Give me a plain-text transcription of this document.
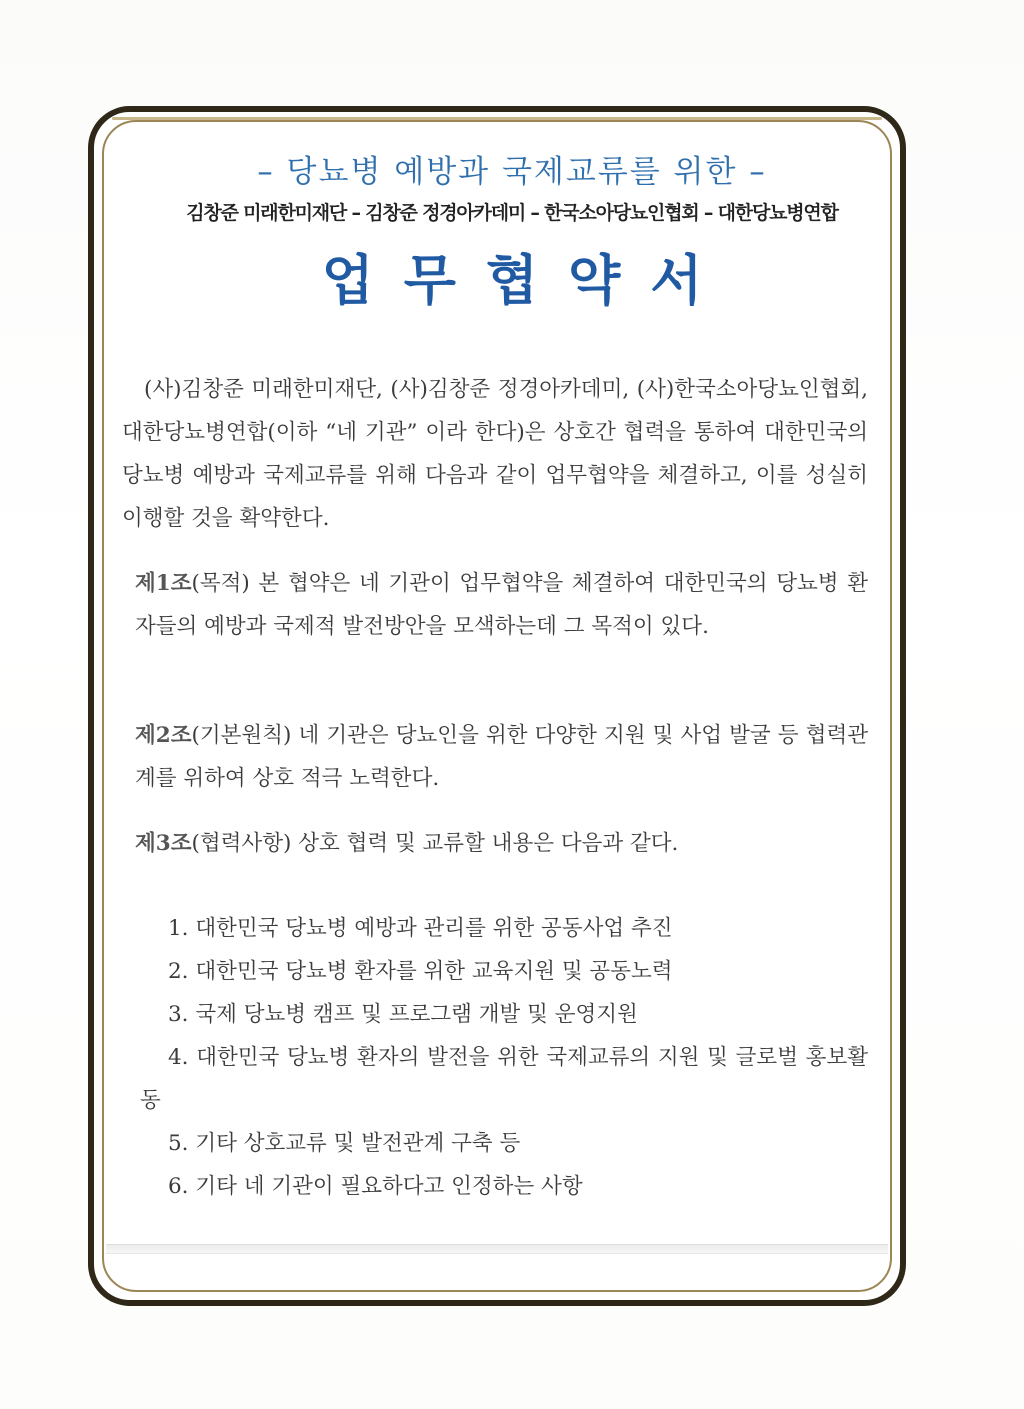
– 당뇨병 예방과 국제교류를 위한 –

김창준 미래한미재단 – 김창준 정경아카데미 – 한국소아당뇨인협회 – 대한당뇨병연합

업무협약서

(사)김창준 미래한미재단, (사)김창준 정경아카데미, (사)한국소아당뇨인협회, 대한당뇨병연합(이하 “네 기관” 이라 한다)은 상호간 협력을 통하여 대한민국의 당뇨병 예방과 국제교류를 위해 다음과 같이 업무협약을 체결하고, 이를 성실히 이행할 것을 확약한다.

제1조(목적) 본 협약은 네 기관이 업무협약을 체결하여 대한민국의 당뇨병 환자들의 예방과 국제적 발전방안을 모색하는데 그 목적이 있다.

제2조(기본원칙) 네 기관은 당뇨인을 위한 다양한 지원 및 사업 발굴 등 협력관계를 위하여 상호 적극 노력한다.

제3조(협력사항) 상호 협력 및 교류할 내용은 다음과 같다.

1. 대한민국 당뇨병 예방과 관리를 위한 공동사업 추진
2. 대한민국 당뇨병 환자를 위한 교육지원 및 공동노력
3. 국제 당뇨병 캠프 및 프로그램 개발 및 운영지원
4. 대한민국 당뇨병 환자의 발전을 위한 국제교류의 지원 및 글로벌 홍보활동
5. 기타 상호교류 및 발전관계 구축 등
6. 기타 네 기관이 필요하다고 인정하는 사항
